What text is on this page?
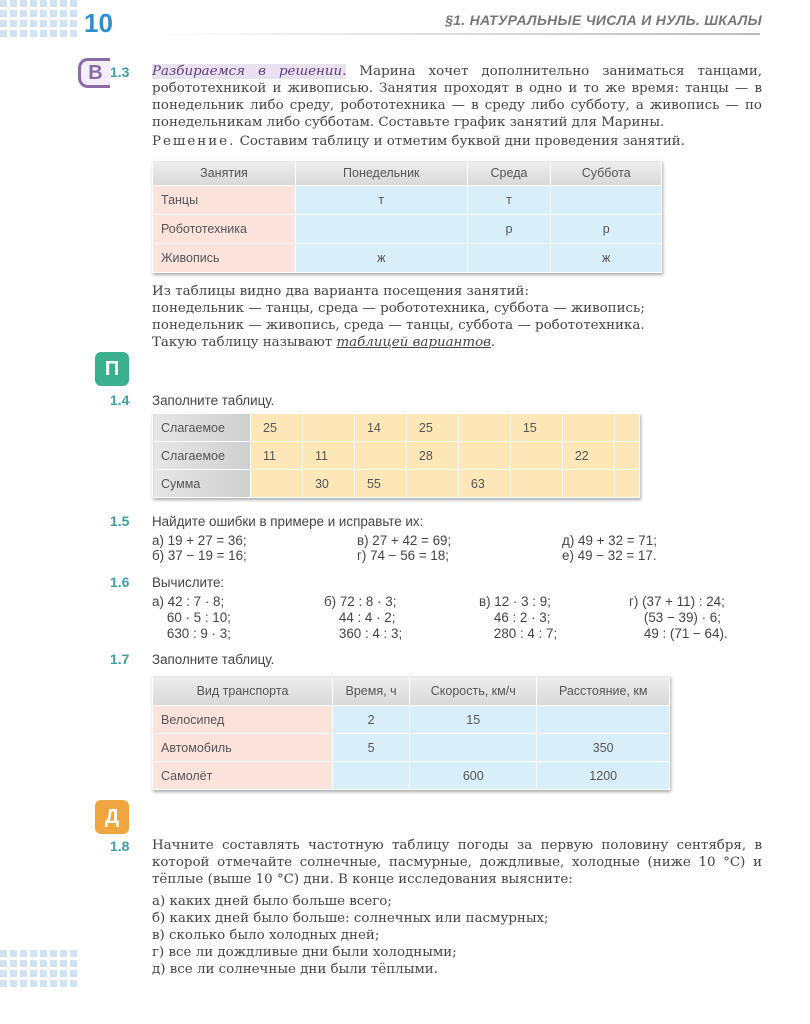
10	§1. НАТУРАЛЬНЫЕ ЧИСЛА И НУЛЬ. ШКАЛЫ
В 1.3 Разбираемся в решении. Марина хочет дополнительно заниматься танцами, робототехникой и живописью. Занятия проходят в одно и то же время: танцы — в понедельник либо среду, робототехника — в среду либо субботу, а живопись — по понедельникам либо субботам. Составьте график занятий для Марины.
Решение. Составим таблицу и отметим буквой дни проведения занятий.
Занятия	Понедельник	Среда	Суббота
Танцы	т	т	
Робототехника		р	р
Живопись	ж		ж
Из таблицы видно два варианта посещения занятий:
понедельник — танцы, среда — робототехника, суббота — живопись;
понедельник — живопись, среда — танцы, суббота — робототехника.
Такую таблицу называют таблицей вариантов.
П
1.4 Заполните таблицу.
Слагаемое	25		14	25		15		
Слагаемое	11	11		28			22	
Сумма		30	55		63			
1.5 Найдите ошибки в примере и исправьте их:
а) 19 + 27 = 36;
б) 37 − 19 = 16;
в) 27 + 42 = 69;
г) 74 − 56 = 18;
д) 49 + 32 = 71;
е) 49 − 32 = 17.
1.6 Вычислите:
а) 42 : 7 · 8;
60 · 5 : 10;
630 : 9 · 3;
б) 72 : 8 · 3;
44 : 4 · 2;
360 : 4 : 3;
в) 12 · 3 : 9;
46 : 2 · 3;
280 : 4 : 7;
г) (37 + 11) : 24;
(53 − 39) · 6;
49 : (71 − 64).
1.7 Заполните таблицу.
Вид транспорта	Время, ч	Скорость, км/ч	Расстояние, км
Велосипед	2	15	
Автомобиль	5		350
Самолёт		600	1200
Д
1.8 Начните составлять частотную таблицу погоды за первую половину сентября, в которой отмечайте солнечные, пасмурные, дождливые, холодные (ниже 10 °С) и тёплые (выше 10 °С) дни. В конце исследования выясните:
а) каких дней было больше всего;
б) каких дней было больше: солнечных или пасмурных;
в) сколько было холодных дней;
г) все ли дождливые дни были холодными;
д) все ли солнечные дни были тёплыми.
